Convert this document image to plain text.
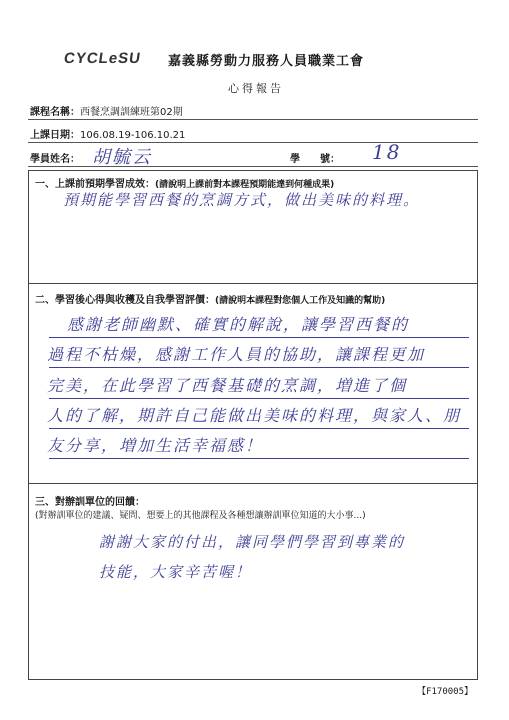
CYCLeSU 嘉義縣勞動力服務人員職業工會
心得報告
課程名稱：西餐烹調訓練班第02期
上課日期：106.08.19-106.10.21
學員姓名： 胡毓云	學　　號： 18
一、上課前預期學習成效：(請說明上課前對本課程預期能達到何種成果)
預期能學習西餐的烹調方式，做出美味的料理。
二、學習後心得與收穫及自我學習評價：(請說明本課程對您個人工作及知識的幫助)
感謝老師幽默、確實的解說，讓學習西餐的
過程不枯燥，感謝工作人員的協助，讓課程更加
完美，在此學習了西餐基礎的烹調，増進了個
人的了解，期許自己能做出美味的料理，與家人、朋
友分享，増加生活幸福感！
三、對辦訓單位的回饋：
(對辦訓單位的建議、疑問、想要上的其他課程及各種想讓辦訓單位知道的大小事...)
謝謝大家的付出，讓同學們學習到專業的
技能，大家辛苦喔！
【F170005】
